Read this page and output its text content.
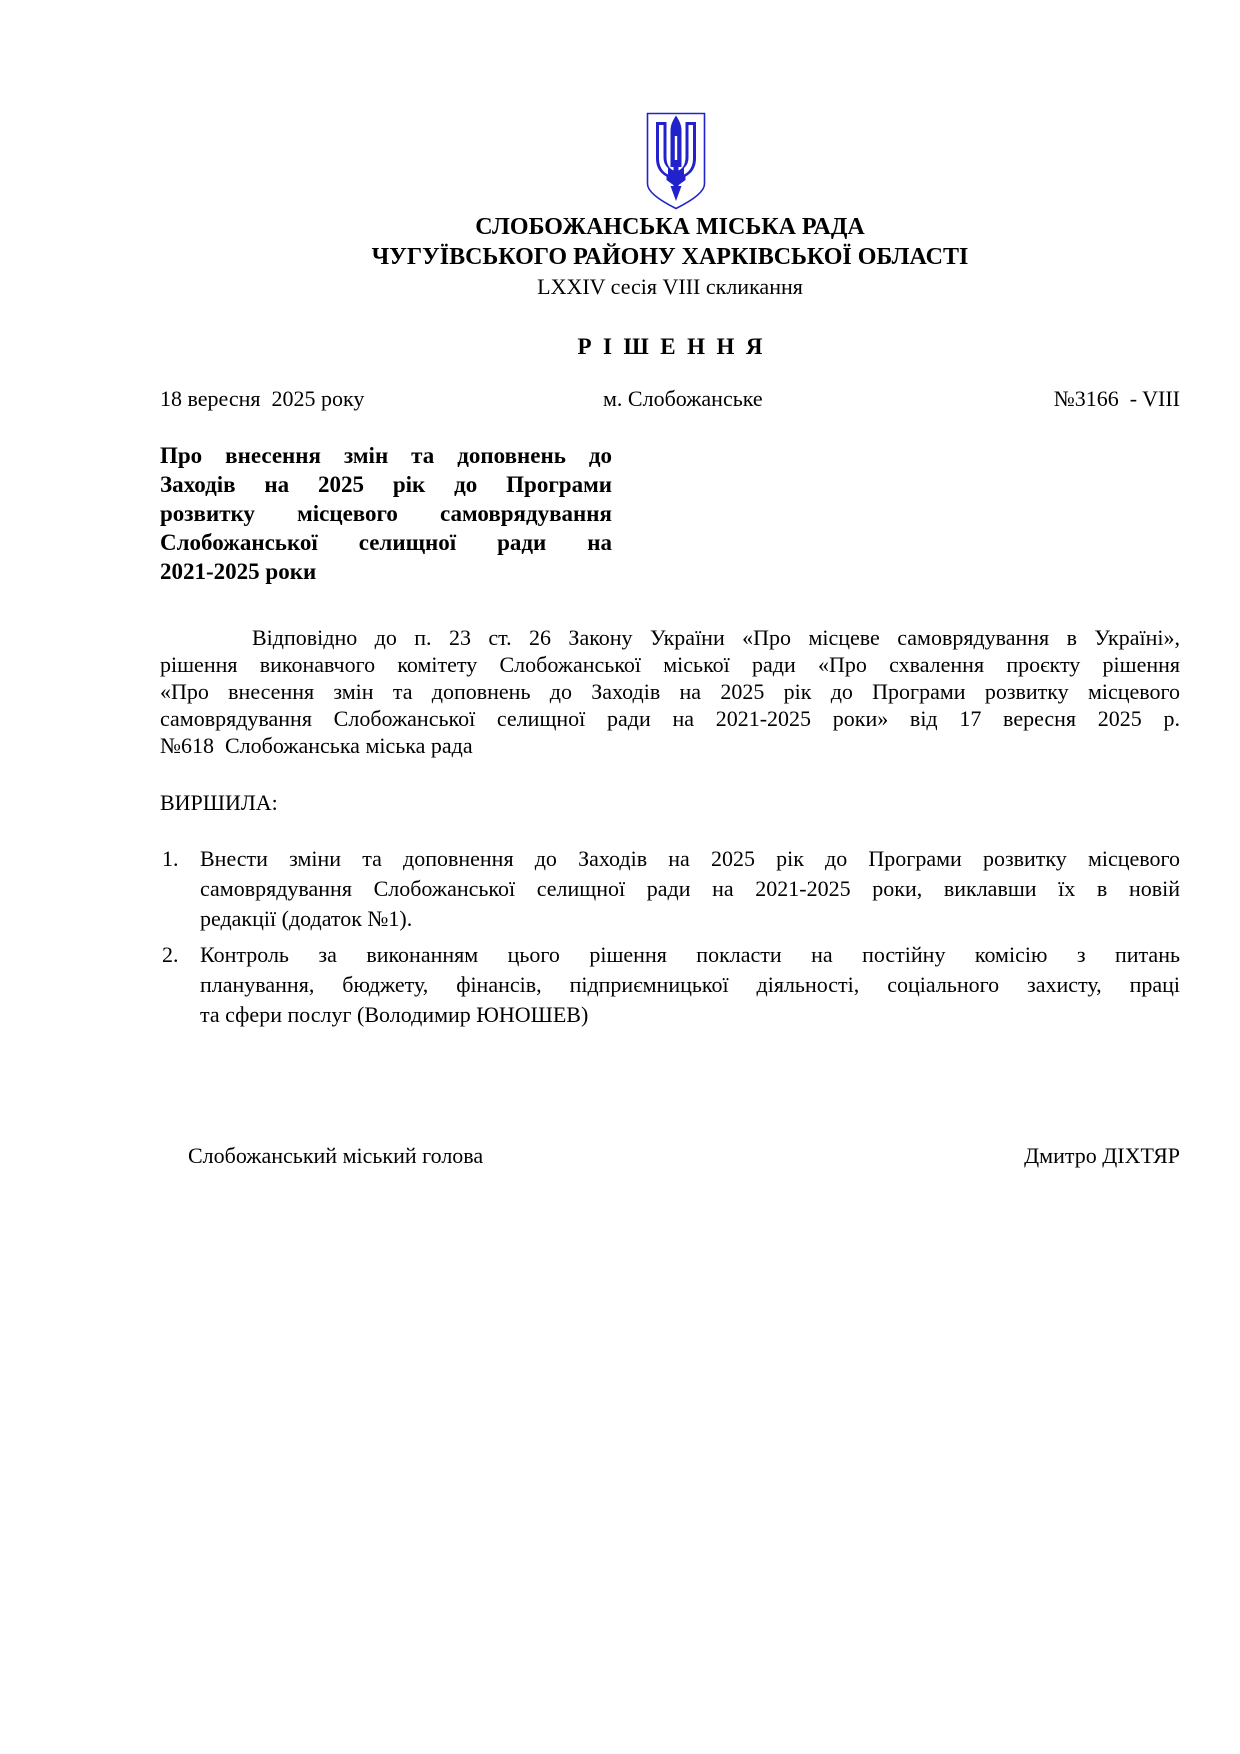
СЛОБОЖАНСЬКА МІСЬКА РАДА
ЧУГУЇВСЬКОГО РАЙОНУ ХАРКІВСЬКОЇ ОБЛАСТІ
LXXIV сесія VIII скликання
РІШЕННЯ
18 вересня  2025 року	м. Слобожанське	№3166  - VIII
Про внесення змін та доповнень до
Заходів на 2025 рік до Програми
розвитку місцевого самоврядування
Слобожанської селищної ради на
2021-2025 роки
Відповідно до п. 23 ст. 26 Закону України «Про місцеве самоврядування в Україні»,
рішення виконавчого комітету Слобожанської міської ради «Про схвалення проєкту рішення
«Про внесення змін та доповнень до Заходів на 2025 рік до Програми розвитку місцевого
самоврядування Слобожанської селищної ради на 2021-2025 роки» від 17 вересня 2025 р.
№618  Слобожанська міська рада
ВИРШИЛА:
1. Внести зміни та доповнення до Заходів на 2025 рік до Програми розвитку місцевого
самоврядування Слобожанської селищної ради на 2021-2025 роки, виклавши їх в новій
редакції (додаток №1).
2. Контроль за виконанням цього рішення покласти на постійну комісію з питань
планування, бюджету, фінансів, підприємницької діяльності, соціального захисту, праці
та сфери послуг (Володимир ЮНОШЕВ)
Слобожанський міський голова	Дмитро ДІХТЯР
